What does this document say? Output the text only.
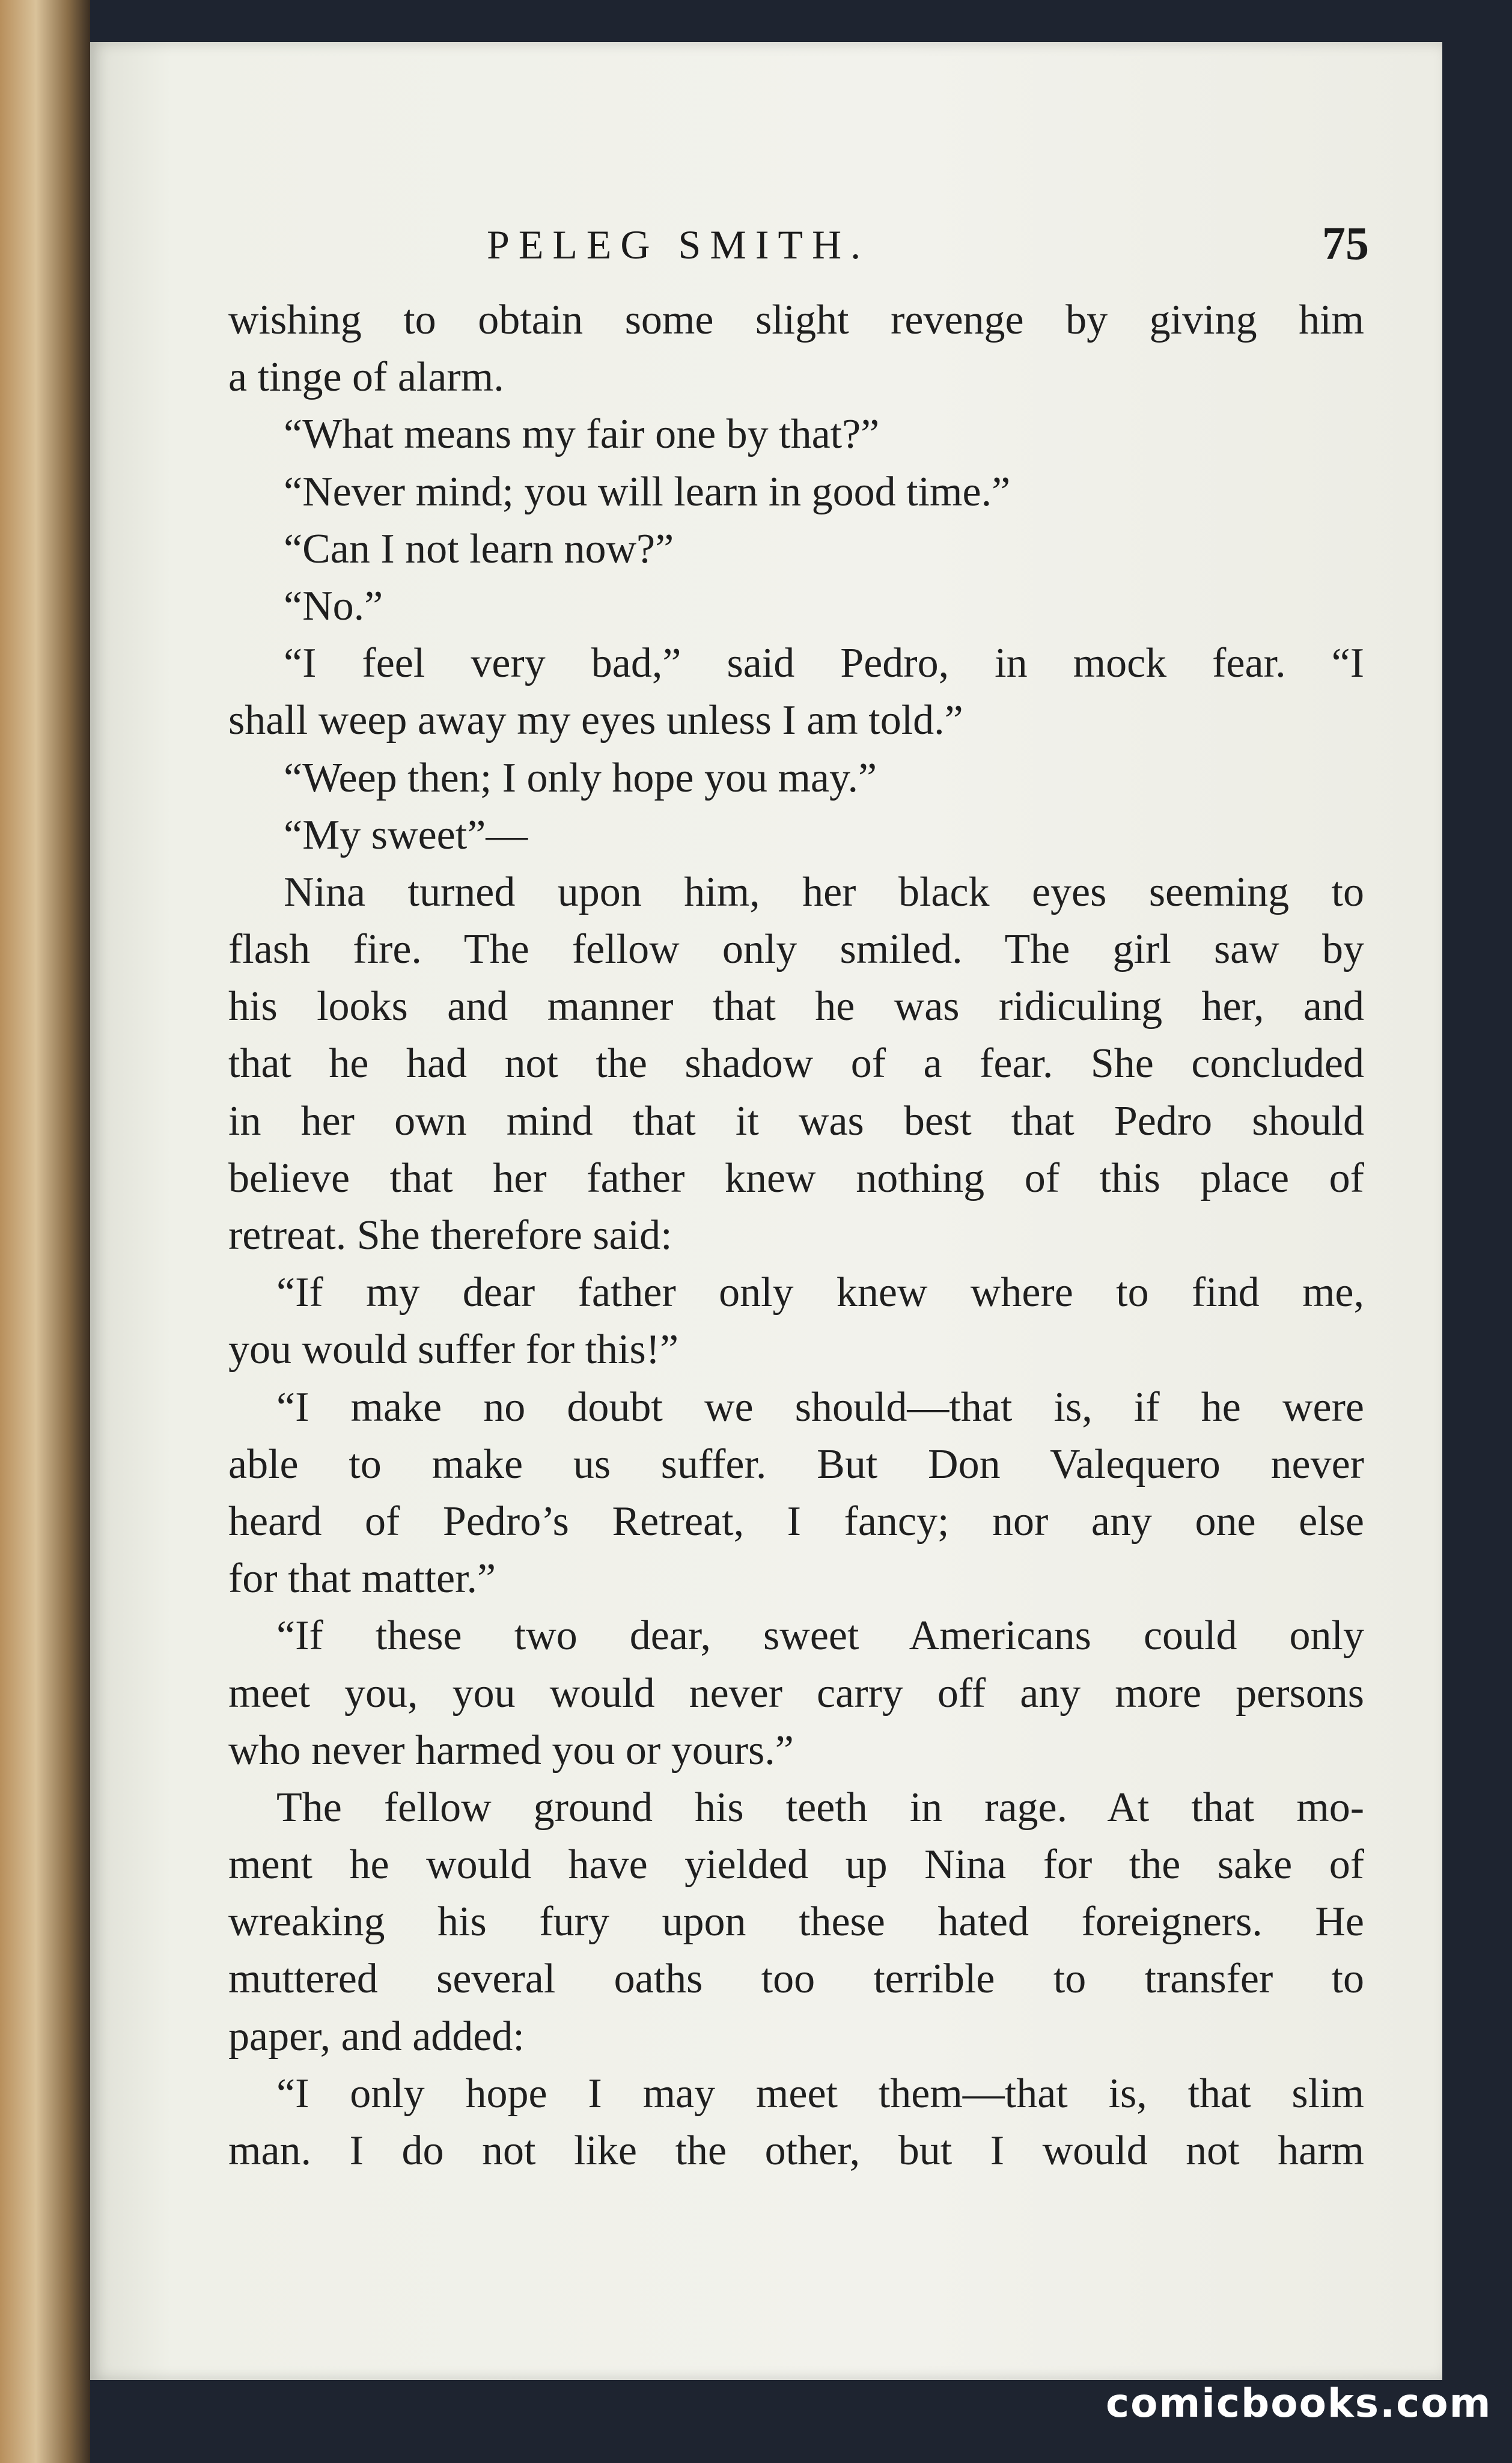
PELEG SMITH.	75
wishing to obtain some slight revenge by giving him
a tinge of alarm.
“What means my fair one by that?”
“Never mind; you will learn in good time.”
“Can I not learn now?”
“No.”
“I feel very bad,” said Pedro, in mock fear. “I
shall weep away my eyes unless I am told.”
“Weep then; I only hope you may.”
“My sweet”—
Nina turned upon him, her black eyes seeming to
flash fire. The fellow only smiled. The girl saw by
his looks and manner that he was ridiculing her, and
that he had not the shadow of a fear. She concluded
in her own mind that it was best that Pedro should
believe that her father knew nothing of this place of
retreat. She therefore said:
“If my dear father only knew where to find me,
you would suffer for this!”
“I make no doubt we should—that is, if he were
able to make us suffer. But Don Valequero never
heard of Pedro’s Retreat, I fancy; nor any one else
for that matter.”
“If these two dear, sweet Americans could only
meet you, you would never carry off any more persons
who never harmed you or yours.”
The fellow ground his teeth in rage. At that mo-
ment he would have yielded up Nina for the sake of
wreaking his fury upon these hated foreigners. He
muttered several oaths too terrible to transfer to
paper, and added:
“I only hope I may meet them—that is, that slim
man. I do not like the other, but I would not harm
comicbooks.com
